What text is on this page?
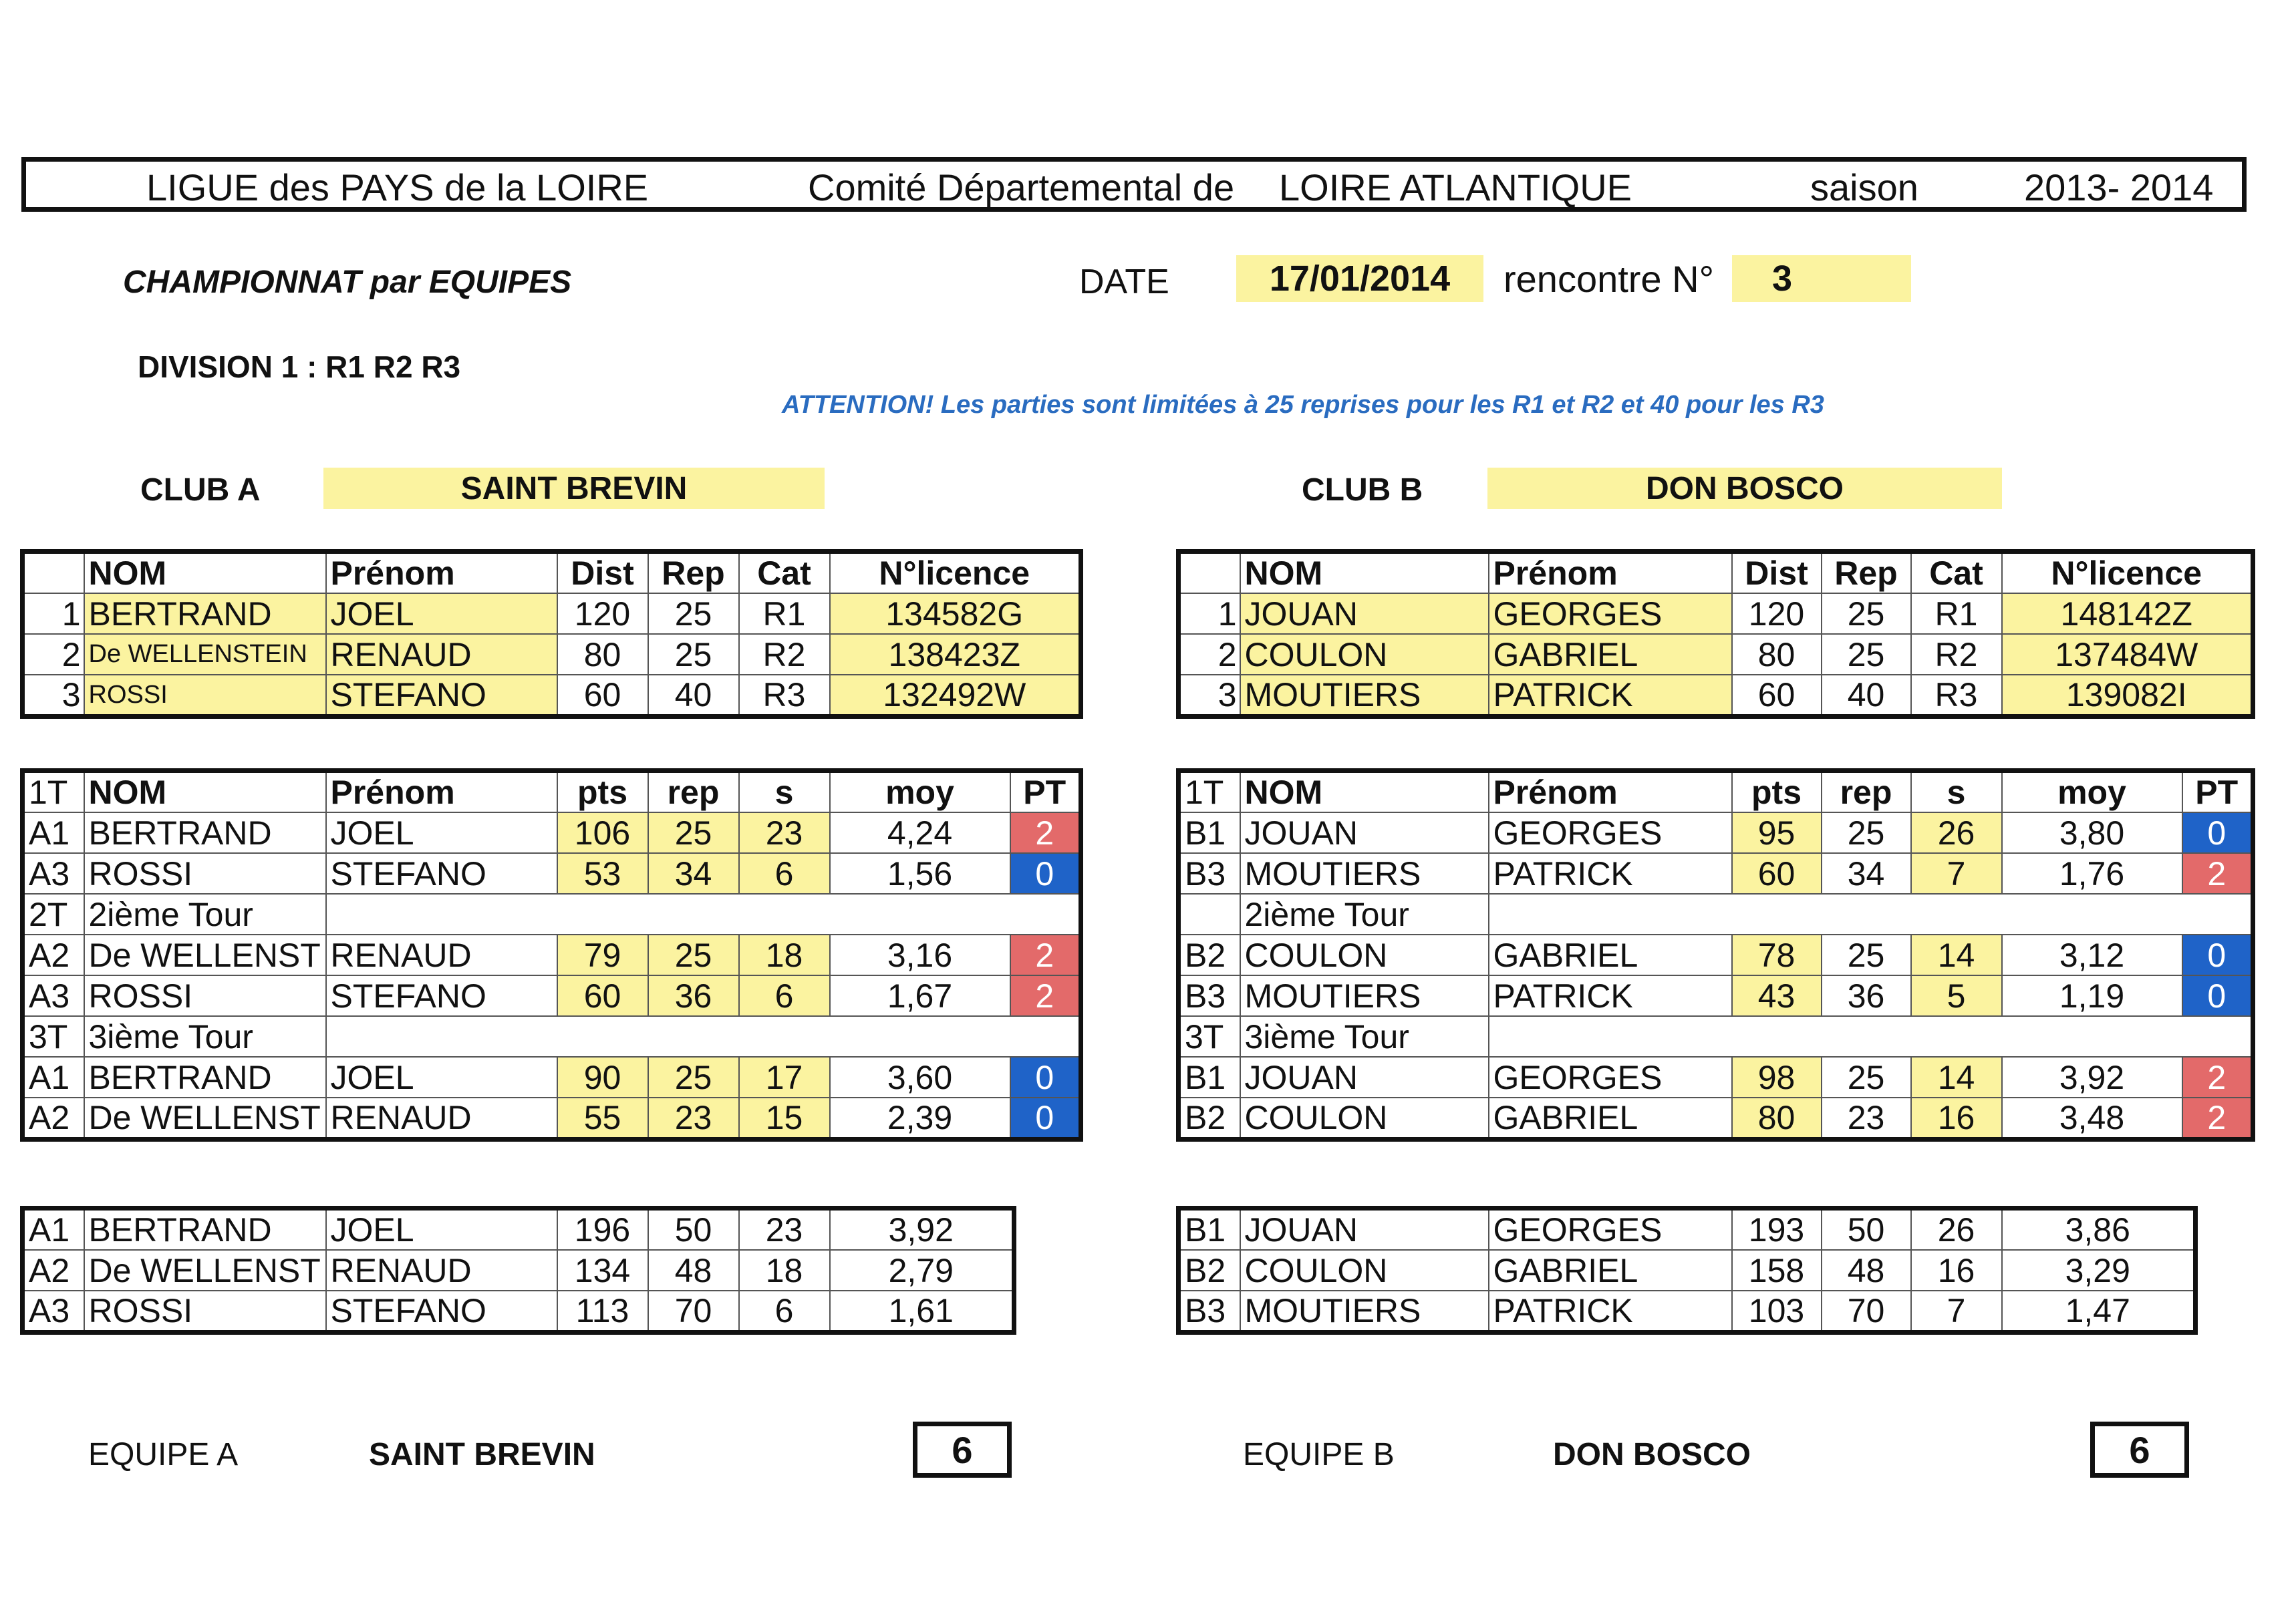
LIGUE des PAYS de la LOIRE	Comité Départemental de LOIRE ATLANTIQUE	saison	2013- 2014
CHAMPIONNAT par EQUIPES	DATE	17/01/2014	rencontre N°	3
DIVISION 1 : R1 R2 R3
ATTENTION! Les parties sont limitées à 25 reprises pour les R1 et R2 et 40 pour les R3
CLUB A	SAINT BREVIN	CLUB B	DON BOSCO
	NOM	Prénom	Dist	Rep	Cat	N°licence
1	BERTRAND	JOEL	120	25	R1	134582G
2	De WELLENSTEIN	RENAUD	80	25	R2	138423Z
3	ROSSI	STEFANO	60	40	R3	132492W
	NOM	Prénom	Dist	Rep	Cat	N°licence
1	JOUAN	GEORGES	120	25	R1	148142Z
2	COULON	GABRIEL	80	25	R2	137484W
3	MOUTIERS	PATRICK	60	40	R3	139082I
1T	NOM	Prénom	pts	rep	s	moy	PT
A1	BERTRAND	JOEL	106	25	23	4,24	2
A3	ROSSI	STEFANO	53	34	6	1,56	0
2T	2ième Tour						
A2	De WELLENST	RENAUD	79	25	18	3,16	2
A3	ROSSI	STEFANO	60	36	6	1,67	2
3T	3ième Tour						
A1	BERTRAND	JOEL	90	25	17	3,60	0
A2	De WELLENST	RENAUD	55	23	15	2,39	0
1T	NOM	Prénom	pts	rep	s	moy	PT
B1	JOUAN	GEORGES	95	25	26	3,80	0
B3	MOUTIERS	PATRICK	60	34	7	1,76	2
	2ième Tour						
B2	COULON	GABRIEL	78	25	14	3,12	0
B3	MOUTIERS	PATRICK	43	36	5	1,19	0
3T	3ième Tour						
B1	JOUAN	GEORGES	98	25	14	3,92	2
B2	COULON	GABRIEL	80	23	16	3,48	2
A1	BERTRAND	JOEL	196	50	23	3,92
A2	De WELLENST	RENAUD	134	48	18	2,79
A3	ROSSI	STEFANO	113	70	6	1,61
B1	JOUAN	GEORGES	193	50	26	3,86
B2	COULON	GABRIEL	158	48	16	3,29
B3	MOUTIERS	PATRICK	103	70	7	1,47
EQUIPE A	SAINT BREVIN	6	EQUIPE B	DON BOSCO	6
